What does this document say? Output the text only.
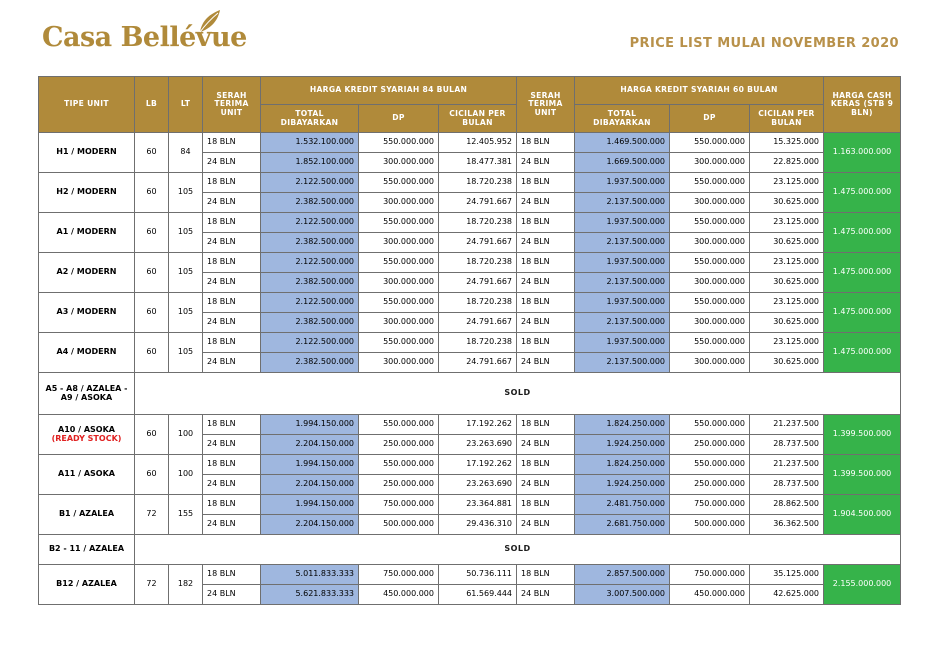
Casa Bellévue	PRICE LIST MULAI NOVEMBER 2020
TIPE UNIT	LB	LT	SERAH TERIMA UNIT	HARGA KREDIT SYARIAH 84 BULAN			SERAH TERIMA UNIT	HARGA KREDIT SYARIAH 60 BULAN			HARGA CASH KERAS (STB 9 BLN)
				TOTAL DIBAYARKAN	DP	CICILAN PER BULAN		TOTAL DIBAYARKAN	DP	CICILAN PER BULAN	
H1 / MODERN	60	84	18 BLN	1.532.100.000	550.000.000	12.405.952	18 BLN	1.469.500.000	550.000.000	15.325.000	1.163.000.000
			24 BLN	1.852.100.000	300.000.000	18.477.381	24 BLN	1.669.500.000	300.000.000	22.825.000	
H2 / MODERN	60	105	18 BLN	2.122.500.000	550.000.000	18.720.238	18 BLN	1.937.500.000	550.000.000	23.125.000	1.475.000.000
			24 BLN	2.382.500.000	300.000.000	24.791.667	24 BLN	2.137.500.000	300.000.000	30.625.000	
A1 / MODERN	60	105	18 BLN	2.122.500.000	550.000.000	18.720.238	18 BLN	1.937.500.000	550.000.000	23.125.000	1.475.000.000
			24 BLN	2.382.500.000	300.000.000	24.791.667	24 BLN	2.137.500.000	300.000.000	30.625.000	
A2 / MODERN	60	105	18 BLN	2.122.500.000	550.000.000	18.720.238	18 BLN	1.937.500.000	550.000.000	23.125.000	1.475.000.000
			24 BLN	2.382.500.000	300.000.000	24.791.667	24 BLN	2.137.500.000	300.000.000	30.625.000	
A3 / MODERN	60	105	18 BLN	2.122.500.000	550.000.000	18.720.238	18 BLN	1.937.500.000	550.000.000	23.125.000	1.475.000.000
			24 BLN	2.382.500.000	300.000.000	24.791.667	24 BLN	2.137.500.000	300.000.000	30.625.000	
A4 / MODERN	60	105	18 BLN	2.122.500.000	550.000.000	18.720.238	18 BLN	1.937.500.000	550.000.000	23.125.000	1.475.000.000
			24 BLN	2.382.500.000	300.000.000	24.791.667	24 BLN	2.137.500.000	300.000.000	30.625.000	
A5 - A8 / AZALEA - A9 / ASOKA	SOLD										
A10 / ASOKA
(READY STOCK)	60	100	18 BLN	1.994.150.000	550.000.000	17.192.262	18 BLN	1.824.250.000	550.000.000	21.237.500	1.399.500.000
			24 BLN	2.204.150.000	250.000.000	23.263.690	24 BLN	1.924.250.000	250.000.000	28.737.500	
A11 / ASOKA	60	100	18 BLN	1.994.150.000	550.000.000	17.192.262	18 BLN	1.824.250.000	550.000.000	21.237.500	1.399.500.000
			24 BLN	2.204.150.000	250.000.000	23.263.690	24 BLN	1.924.250.000	250.000.000	28.737.500	
B1 / AZALEA	72	155	18 BLN	1.994.150.000	750.000.000	23.364.881	18 BLN	2.481.750.000	750.000.000	28.862.500	1.904.500.000
			24 BLN	2.204.150.000	500.000.000	29.436.310	24 BLN	2.681.750.000	500.000.000	36.362.500	
B2 - 11 / AZALEA	SOLD										
B12 / AZALEA	72	182	18 BLN	5.011.833.333	750.000.000	50.736.111	18 BLN	2.857.500.000	750.000.000	35.125.000	2.155.000.000
			24 BLN	5.621.833.333	450.000.000	61.569.444	24 BLN	3.007.500.000	450.000.000	42.625.000	
